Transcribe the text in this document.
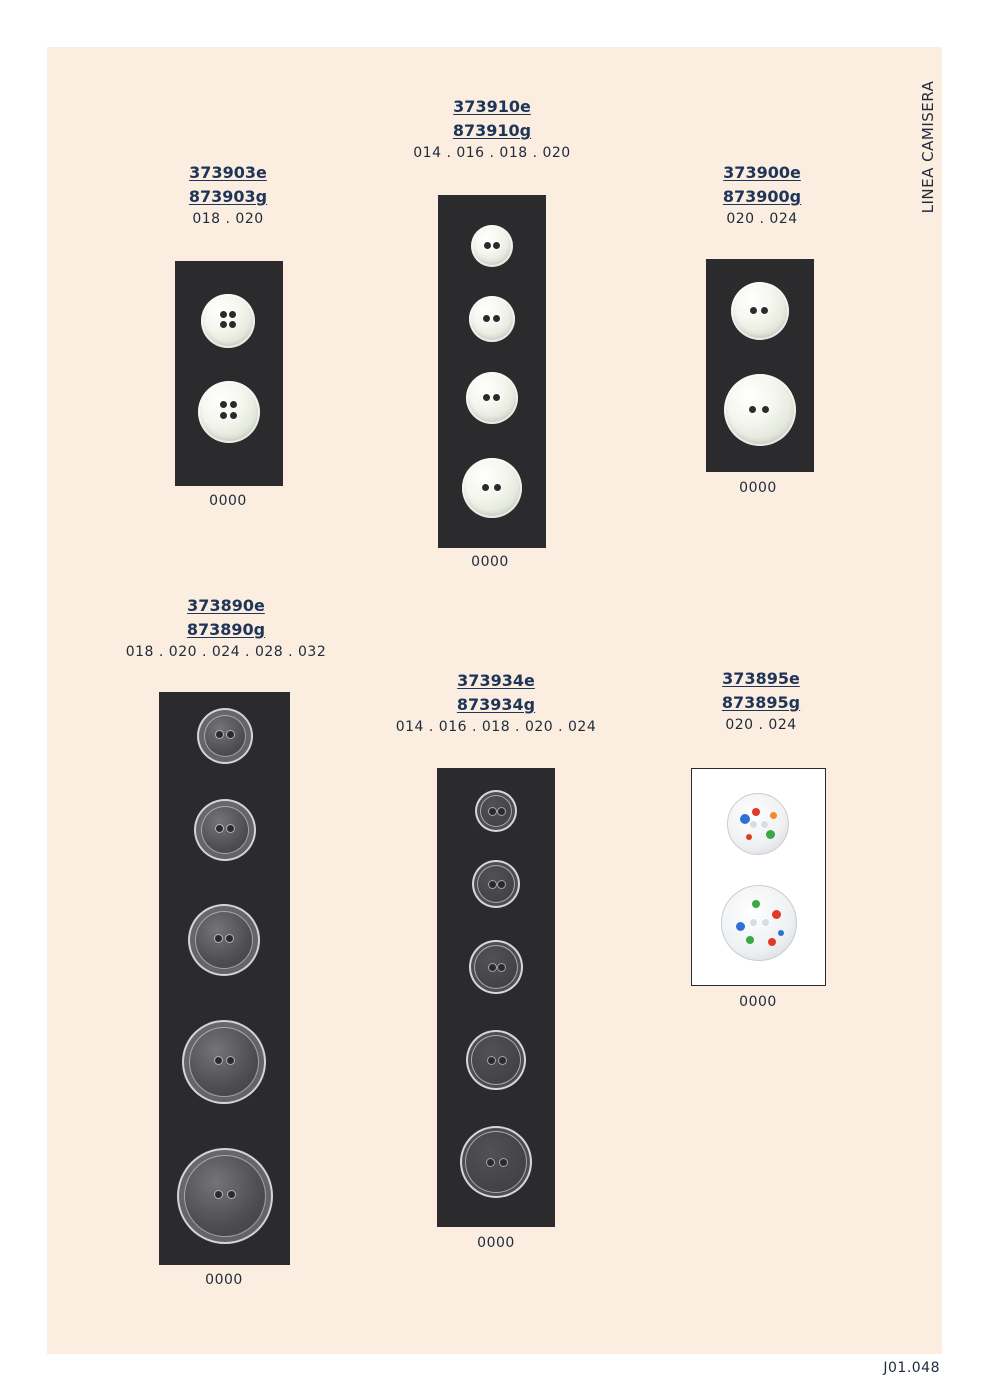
LINEA CAMISERA
373903e
873903g
018 . 020
0000
373910e
873910g
014 . 016 . 018 . 020
0000
373900e
873900g
020 . 024
0000
373890e
873890g
018 . 020 . 024 . 028 . 032
0000
373934e
873934g
014 . 016 . 018 . 020 . 024
0000
373895e
873895g
020 . 024
0000
J01.048
